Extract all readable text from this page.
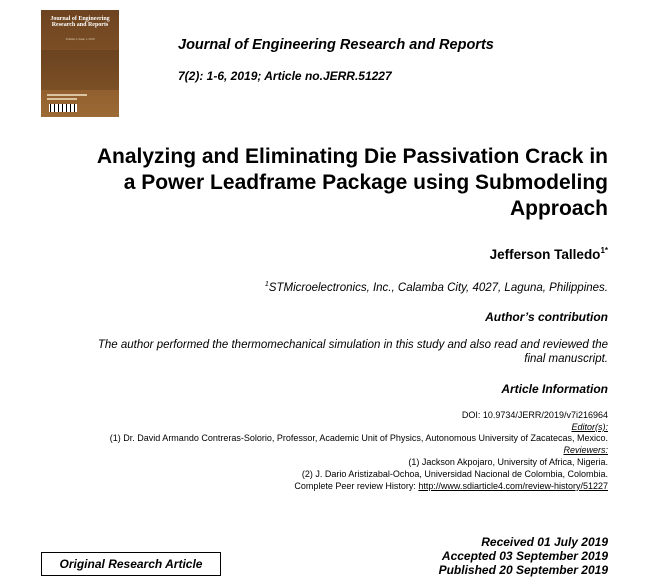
Journal of Engineering Research and Reports
Volume 2, Issue 1, 2019	Journal of Engineering Research and Reports
7(2): 1-6, 2019; Article no.JERR.51227
Analyzing and Eliminating Die Passivation Crack in
a Power Leadframe Package using Submodeling
Approach
Jefferson Talledo$^{1*}$
$^1$STMicroelectronics, Inc., Calamba City, 4027, Laguna, Philippines.
Author’s contribution
The author performed the thermomechanical simulation in this study and also read and reviewed the
final manuscript.
Article Information
DOI: 10.9734/JERR/2019/v7i216964
Editor(s):
(1) Dr. David Armando Contreras-Solorio, Professor, Academic Unit of Physics, Autonomous University of Zacatecas, Mexico.
Reviewers:
(1) Jackson Akpojaro, University of Africa, Nigeria.
(2) J. Dario Aristizabal-Ochoa, Universidad Nacional de Colombia, Colombia.
Complete Peer review History: http://www.sdiarticle4.com/review-history/51227
Received 01 July 2019
Accepted 03 September 2019
Published 20 September 2019
Original Research Article
